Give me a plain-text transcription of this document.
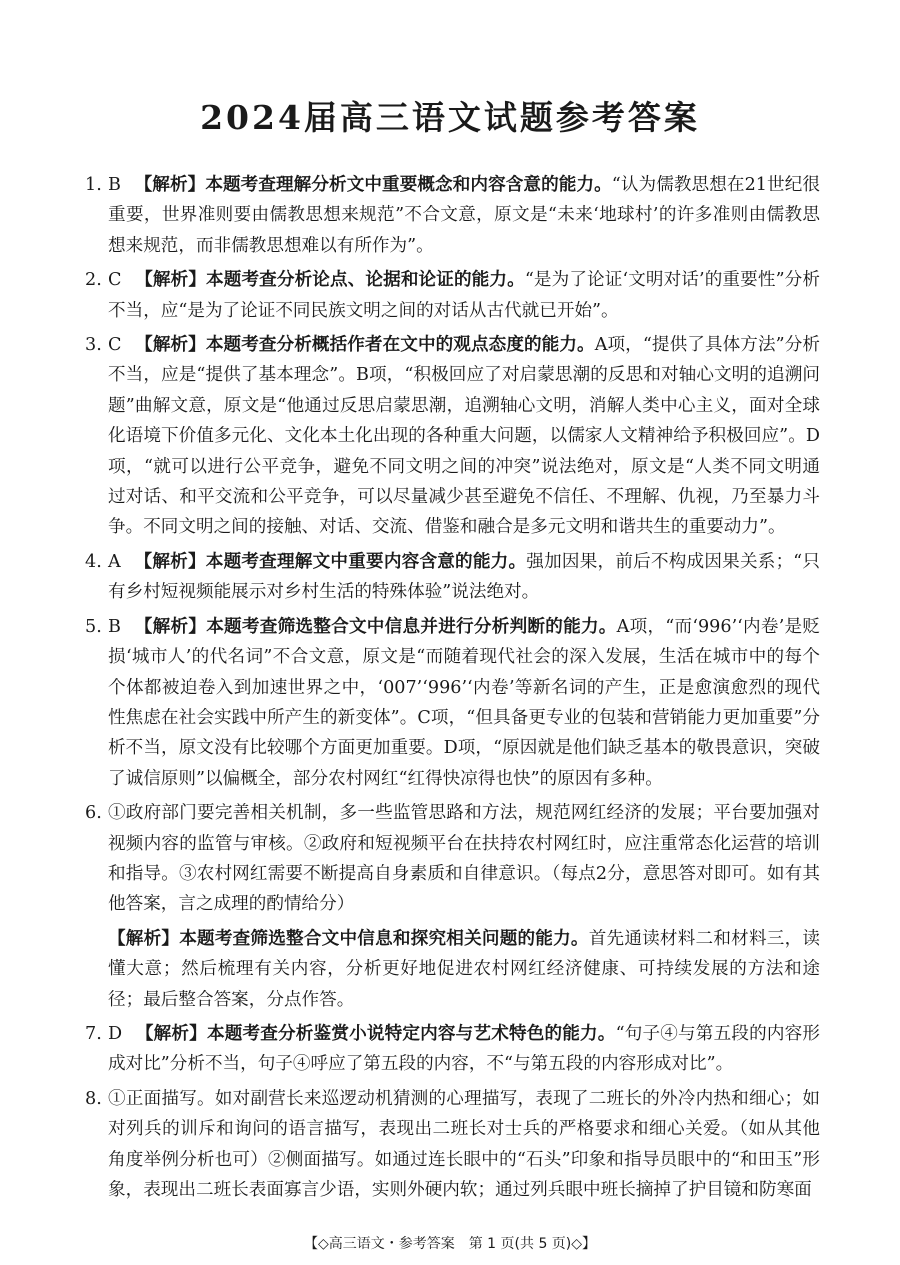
2024届高三语文试题参考答案
1. B 【解析】本题考查理解分析文中重要概念和内容含意的能力。“认为儒教思想在21世纪很重要，世界准则要由儒教思想来规范”不合文意，原文是“未来‘地球村’的许多准则由儒教思想来规范，而非儒教思想难以有所作为”。
2. C 【解析】本题考查分析论点、论据和论证的能力。“是为了论证‘文明对话’的重要性”分析不当，应“是为了论证不同民族文明之间的对话从古代就已开始”。
3. C 【解析】本题考查分析概括作者在文中的观点态度的能力。A项，“提供了具体方法”分析不当，应是“提供了基本理念”。B项，“积极回应了对启蒙思潮的反思和对轴心文明的追溯问题”曲解文意，原文是“他通过反思启蒙思潮，追溯轴心文明，消解人类中心主义，面对全球化语境下价值多元化、文化本土化出现的各种重大问题，以儒家人文精神给予积极回应”。D项，“就可以进行公平竞争，避免不同文明之间的冲突”说法绝对，原文是“人类不同文明通过对话、和平交流和公平竞争，可以尽量减少甚至避免不信任、不理解、仇视，乃至暴力斗争。不同文明之间的接触、对话、交流、借鉴和融合是多元文明和谐共生的重要动力”。
4. A 【解析】本题考查理解文中重要内容含意的能力。强加因果，前后不构成因果关系；“只有乡村短视频能展示对乡村生活的特殊体验”说法绝对。
5. B 【解析】本题考查筛选整合文中信息并进行分析判断的能力。A项，“而‘996’‘内卷’是贬损‘城市人’的代名词”不合文意，原文是“而随着现代社会的深入发展，生活在城市中的每个个体都被迫卷入到加速世界之中，‘007’‘996’‘内卷’等新名词的产生，正是愈演愈烈的现代性焦虑在社会实践中所产生的新变体”。C项，“但具备更专业的包装和营销能力更加重要”分析不当，原文没有比较哪个方面更加重要。D项，“原因就是他们缺乏基本的敬畏意识，突破了诚信原则”以偏概全，部分农村网红“红得快凉得也快”的原因有多种。
6. ①政府部门要完善相关机制，多一些监管思路和方法，规范网红经济的发展；平台要加强对视频内容的监管与审核。②政府和短视频平台在扶持农村网红时，应注重常态化运营的培训和指导。③农村网红需要不断提高自身素质和自律意识。（每点2分，意思答对即可。如有其他答案，言之成理的酌情给分）
【解析】本题考查筛选整合文中信息和探究相关问题的能力。首先通读材料二和材料三，读懂大意；然后梳理有关内容，分析更好地促进农村网红经济健康、可持续发展的方法和途径；最后整合答案，分点作答。
7. D 【解析】本题考查分析鉴赏小说特定内容与艺术特色的能力。“句子④与第五段的内容形成对比”分析不当，句子④呼应了第五段的内容，不“与第五段的内容形成对比”。
8. ①正面描写。如对副营长来巡逻动机猜测的心理描写，表现了二班长的外冷内热和细心；如对列兵的训斥和询问的语言描写，表现出二班长对士兵的严格要求和细心关爱。（如从其他角度举例分析也可）②侧面描写。如通过连长眼中的“石头”印象和指导员眼中的“和田玉”形象，表现出二班长表面寡言少语，实则外硬内软；通过列兵眼中班长摘掉了护目镜和防寒面
【◇高三语文・参考答案　第 1 页(共 5 页)◇】
